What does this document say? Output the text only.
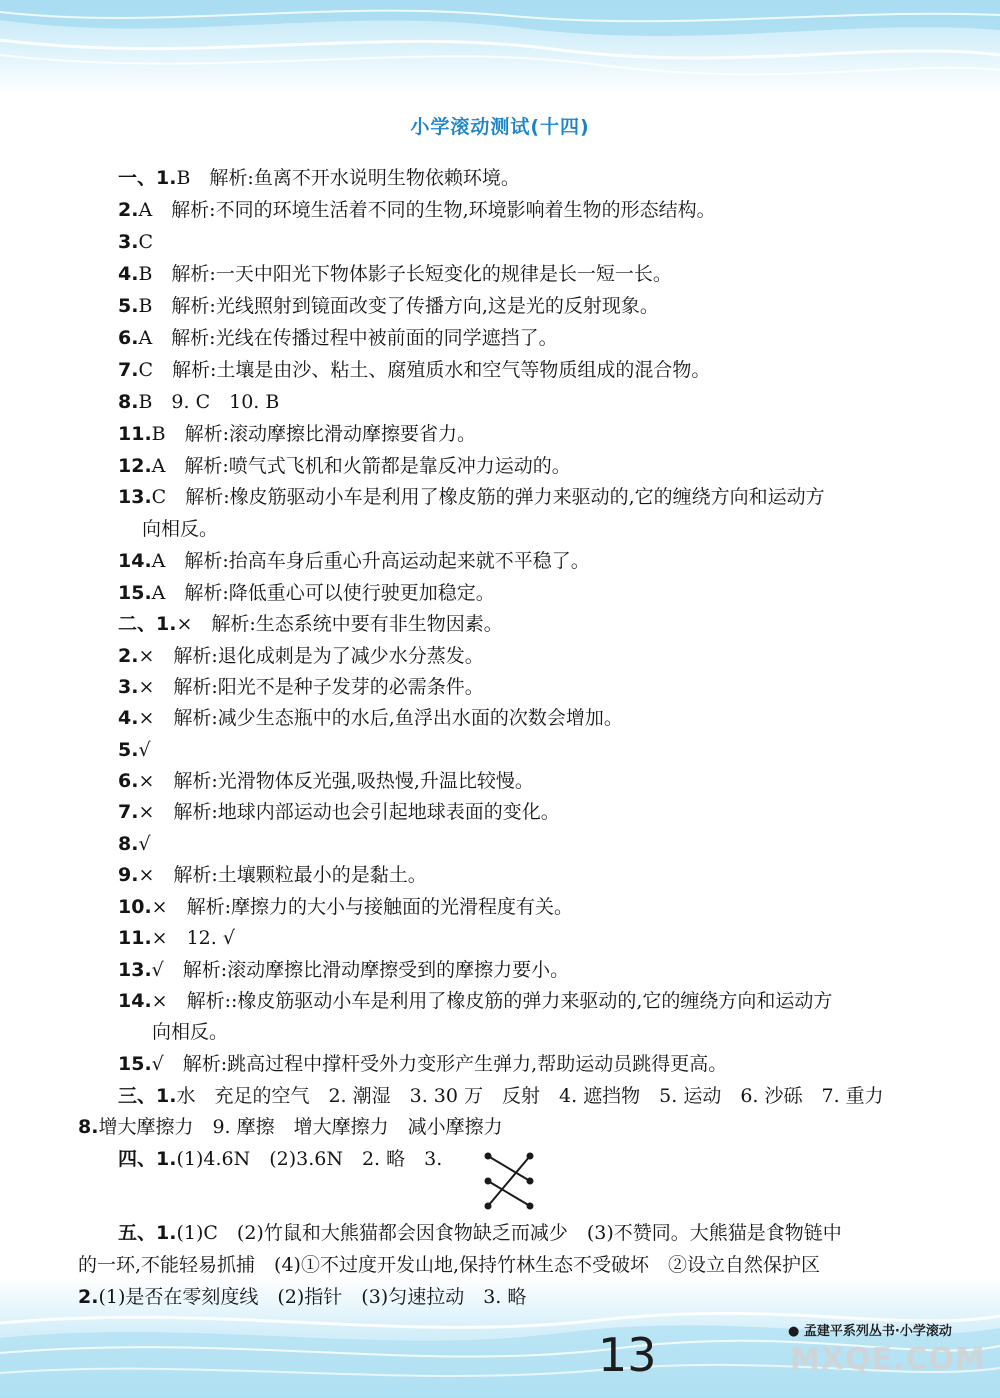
小学滚动测试(十四)
一、1.B　解析:鱼离不开水说明生物依赖环境。
2.A　解析:不同的环境生活着不同的生物,环境影响着生物的形态结构。
3.C
4.B　解析:一天中阳光下物体影子长短变化的规律是长一短一长。
5.B　解析:光线照射到镜面改变了传播方向,这是光的反射现象。
6.A　解析:光线在传播过程中被前面的同学遮挡了。
7.C　解析:土壤是由沙、粘土、腐殖质水和空气等物质组成的混合物。
8.B　9. C　10. B
11.B　解析:滚动摩擦比滑动摩擦要省力。
12.A　解析:喷气式飞机和火箭都是靠反冲力运动的。
13.C　解析:橡皮筋驱动小车是利用了橡皮筋的弹力来驱动的,它的缠绕方向和运动方
向相反。
14.A　解析:抬高车身后重心升高运动起来就不平稳了。
15.A　解析:降低重心可以使行驶更加稳定。
二、1.×　解析:生态系统中要有非生物因素。
2.×　解析:退化成刺是为了减少水分蒸发。
3.×　解析:阳光不是种子发芽的必需条件。
4.×　解析:减少生态瓶中的水后,鱼浮出水面的次数会增加。
5.√
6.×　解析:光滑物体反光强,吸热慢,升温比较慢。
7.×　解析:地球内部运动也会引起地球表面的变化。
8.√
9.×　解析:土壤颗粒最小的是黏土。
10.×　解析:摩擦力的大小与接触面的光滑程度有关。
11.×　12. √
13.√　解析:滚动摩擦比滑动摩擦受到的摩擦力要小。
14.×　解析::橡皮筋驱动小车是利用了橡皮筋的弹力来驱动的,它的缠绕方向和运动方
向相反。
15.√　解析:跳高过程中撑杆受外力变形产生弹力,帮助运动员跳得更高。
三、1.水　充足的空气　2. 潮湿　3. 30 万　反射　4. 遮挡物　5. 运动　6. 沙砾　7. 重力
8.增大摩擦力　9. 摩擦　增大摩擦力　减小摩擦力
四、1.(1)4.6N　(2)3.6N　2. 略　3.
五、1.(1)C　(2)竹鼠和大熊猫都会因食物缺乏而减少　(3)不赞同。大熊猫是食物链中
的一环,不能轻易抓捕　(4)①不过度开发山地,保持竹林生态不受破坏　②设立自然保护区
2.(1)是否在零刻度线　(2)指针　(3)匀速拉动　3. 略
13	● 孟建平系列丛书·小学滚动
MXQE.COM
